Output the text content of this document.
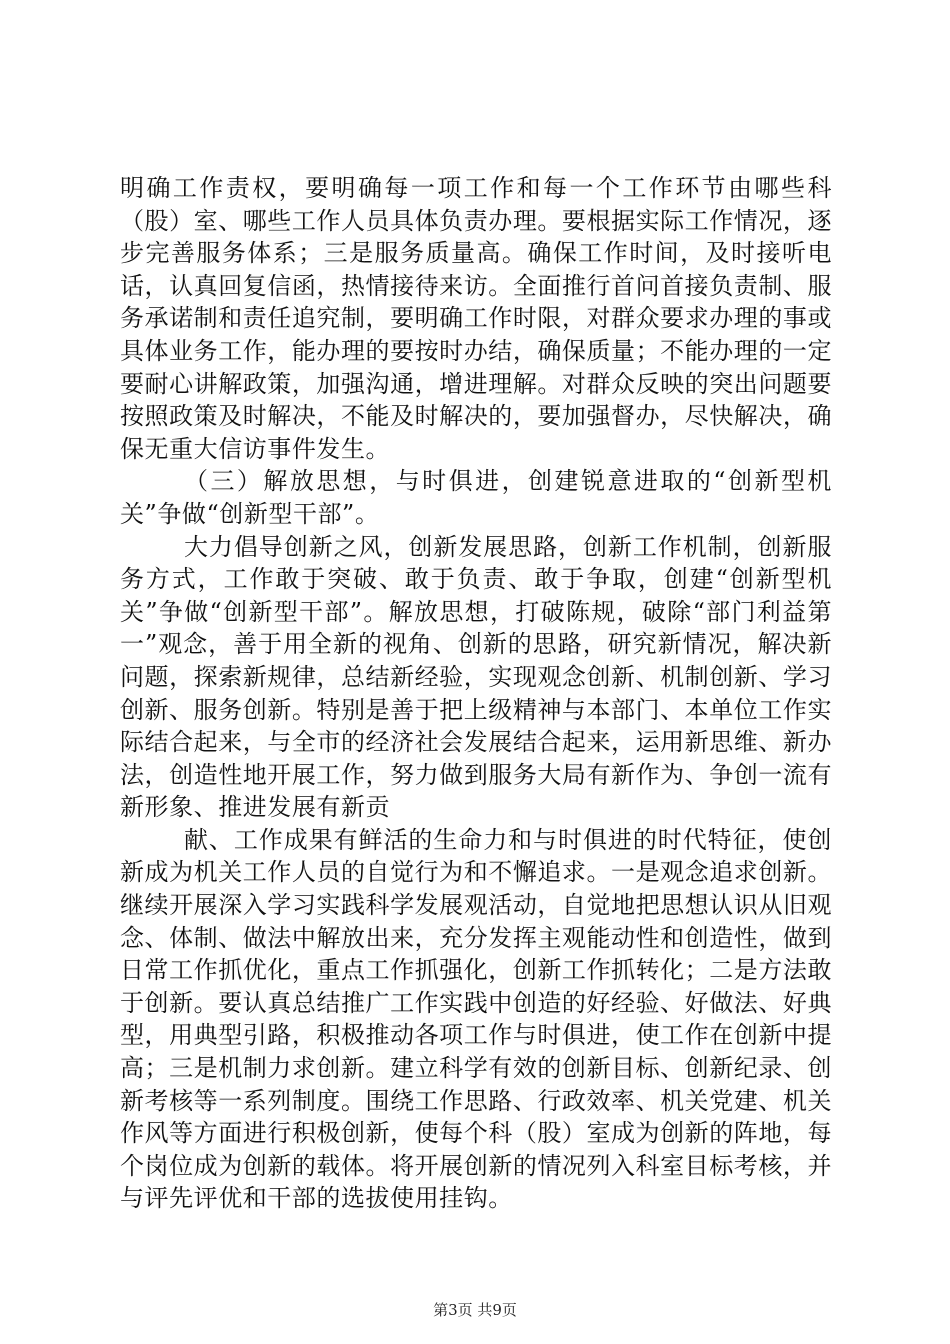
明确工作责权，要明确每一项工作和每一个工作环节由哪些科（股）室、哪些工作人员具体负责办理。要根据实际工作情况，逐步完善服务体系；三是服务质量高。确保工作时间，及时接听电话，认真回复信函，热情接待来访。全面推行首问首接负责制、服务承诺制和责任追究制，要明确工作时限，对群众要求办理的事或具体业务工作，能办理的要按时办结，确保质量；不能办理的一定要耐心讲解政策，加强沟通，增进理解。对群众反映的突出问题要按照政策及时解决，不能及时解决的，要加强督办，尽快解决，确保无重大信访事件发生。

（三）解放思想，与时俱进，创建锐意进取的“创新型机关”争做“创新型干部”。

大力倡导创新之风，创新发展思路，创新工作机制，创新服务方式，工作敢于突破、敢于负责、敢于争取，创建“创新型机关”争做“创新型干部”。解放思想，打破陈规，破除“部门利益第一”观念，善于用全新的视角、创新的思路，研究新情况，解决新问题，探索新规律，总结新经验，实现观念创新、机制创新、学习创新、服务创新。特别是善于把上级精神与本部门、本单位工作实际结合起来，与全市的经济社会发展结合起来，运用新思维、新办法，创造性地开展工作，努力做到服务大局有新作为、争创一流有新形象、推进发展有新贡

献、工作成果有鲜活的生命力和与时俱进的时代特征，使创新成为机关工作人员的自觉行为和不懈追求。一是观念追求创新。继续开展深入学习实践科学发展观活动，自觉地把思想认识从旧观念、体制、做法中解放出来，充分发挥主观能动性和创造性，做到日常工作抓优化，重点工作抓强化，创新工作抓转化；二是方法敢于创新。要认真总结推广工作实践中创造的好经验、好做法、好典型，用典型引路，积极推动各项工作与时俱进，使工作在创新中提高；三是机制力求创新。建立科学有效的创新目标、创新纪录、创新考核等一系列制度。围绕工作思路、行政效率、机关党建、机关作风等方面进行积极创新，使每个科（股）室成为创新的阵地，每个岗位成为创新的载体。将开展创新的情况列入科室目标考核，并与评先评优和干部的选拔使用挂钩。

第3页 共9页
